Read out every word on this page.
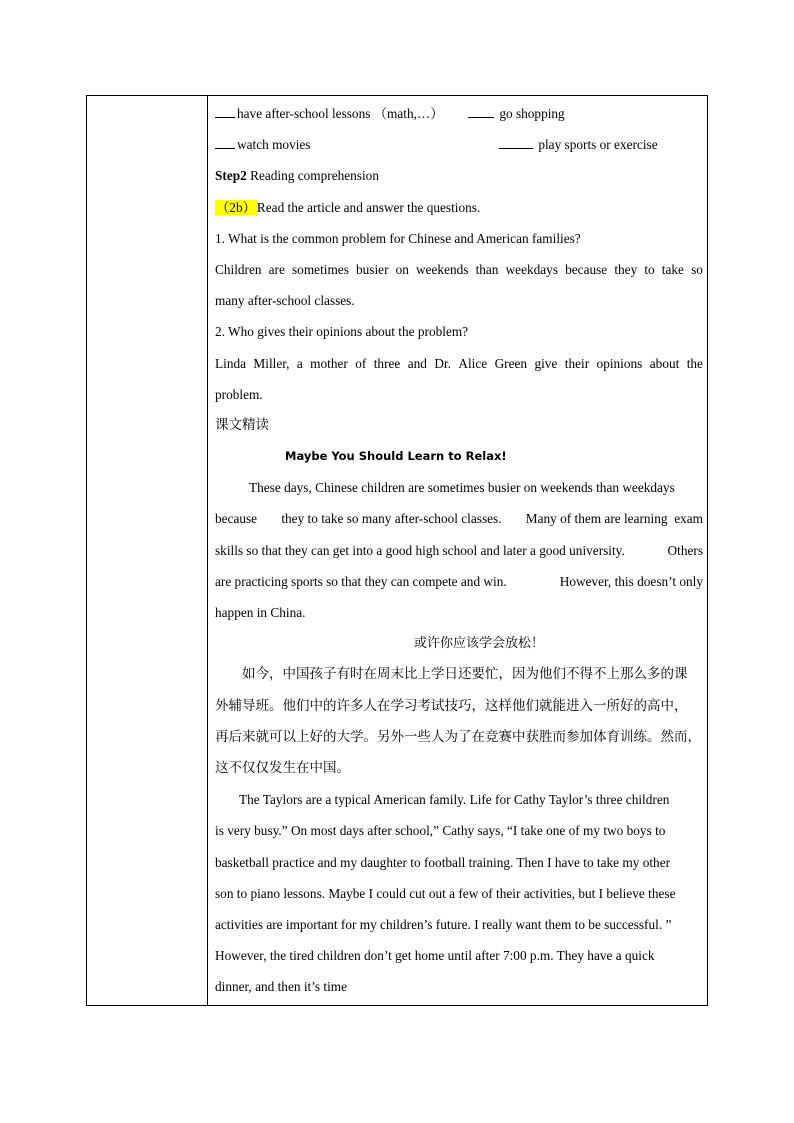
have after-school lessons （math,…）	go shopping
watch movies	play sports or exercise
Step2 Reading comprehension
（2b）Read the article and answer the questions.
1. What is the common problem for Chinese and American families?
Children are sometimes busier on weekends than weekdays because they to take so
many after-school classes.
2. Who gives their opinions about the problem?
Linda Miller, a mother of three and Dr. Alice Green give their opinions about the
problem.
课文精读
Maybe You Should Learn to Relax!
These days, Chinese children are sometimes busier on weekends than weekdays
because they to take so many after-school classes. Many of them are learning  exam
skills so that they can get into a good high school and later a good university.	Others
are practicing sports so that they can compete and win.	However, this doesn’t only
happen in China.
或许你应该学会放松！
如今，中国孩子有时在周末比上学日还要忙，因为他们不得不上那么多的课
外辅导班。他们中的许多人在学习考试技巧，这样他们就能进入一所好的高中，
再后来就可以上好的大学。另外一些人为了在竞赛中获胜而参加体育训练。然而，
这不仅仅发生在中国。
The Taylors are a typical American family. Life for Cathy Taylor’s three children
is very busy.” On most days after school,” Cathy says, “I take one of my two boys to
basketball practice and my daughter to football training. Then I have to take my other
son to piano lessons. Maybe I could cut out a few of their activities, but I believe these
activities are important for my children’s future. I really want them to be successful. ”
However, the tired children don’t get home until after 7:00 p.m. They have a quick
dinner, and then it’s time
